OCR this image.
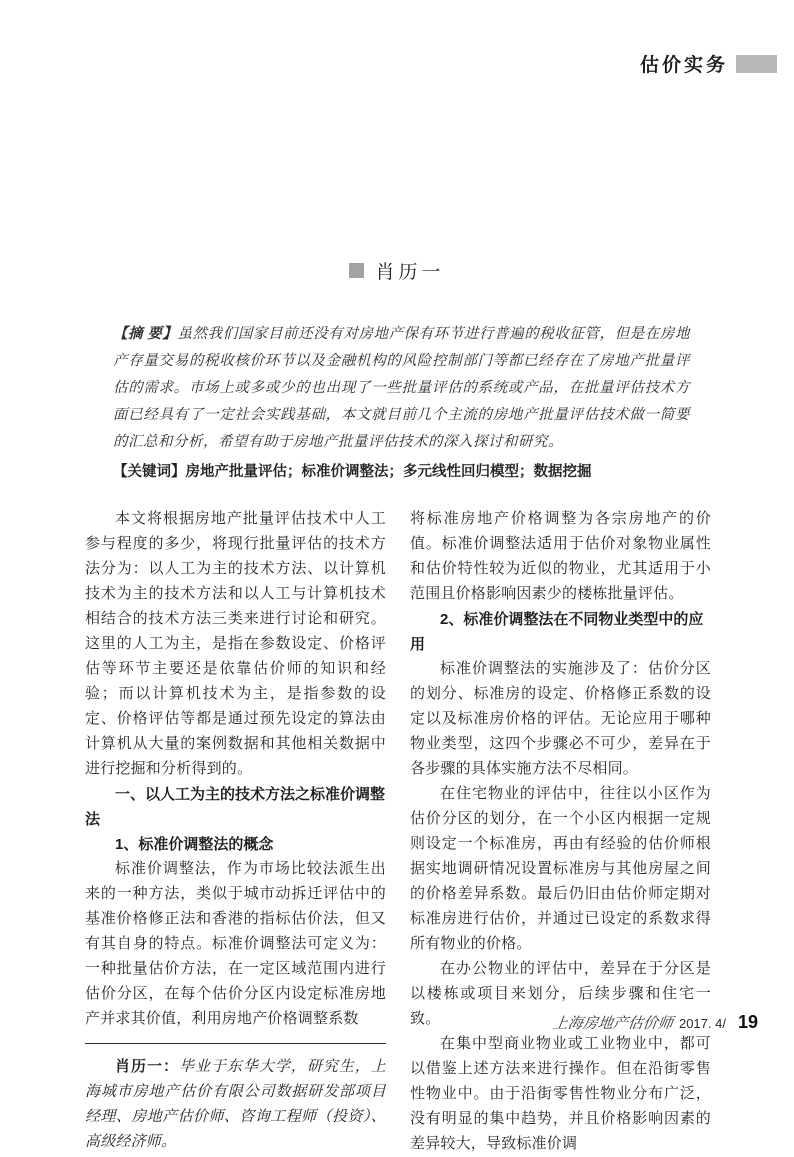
估价实务
肖历一
【摘 要】虽然我们国家目前还没有对房地产保有环节进行普遍的税收征管，但是在房地产存量交易的税收核价环节以及金融机构的风险控制部门等都已经存在了房地产批量评估的需求。市场上或多或少的也出现了一些批量评估的系统或产品，在批量评估技术方面已经具有了一定社会实践基础，本文就目前几个主流的房地产批量评估技术做一简要的汇总和分析，希望有助于房地产批量评估技术的深入探讨和研究。
【关键词】房地产批量评估；标准价调整法；多元线性回归模型；数据挖掘

本文将根据房地产批量评估技术中人工参与程度的多少，将现行批量评估的技术方法分为：以人工为主的技术方法、以计算机技术为主的技术方法和以人工与计算机技术相结合的技术方法三类来进行讨论和研究。这里的人工为主，是指在参数设定、价格评估等环节主要还是依靠估价师的知识和经验；而以计算机技术为主，是指参数的设定、价格评估等都是通过预先设定的算法由计算机从大量的案例数据和其他相关数据中进行挖掘和分析得到的。

一、以人工为主的技术方法之标准价调整法
1、标准价调整法的概念

标准价调整法，作为市场比较法派生出来的一种方法，类似于城市动拆迁评估中的基准价格修正法和香港的指标估价法，但又有其自身的特点。标准价调整法可定义为：一种批量估价方法，在一定区域范围内进行估价分区，在每个估价分区内设定标准房地产并求其价值，利用房地产价格调整系数

肖历一：毕业于东华大学，研究生，上海城市房地产估价有限公司数据研发部项目经理、房地产估价师、咨询工程师（投资）、高级经济师。

将标准房地产价格调整为各宗房地产的价值。标准价调整法适用于估价对象物业属性和估价特性较为近似的物业，尤其适用于小范围且价格影响因素少的楼栋批量评估。

2、标准价调整法在不同物业类型中的应用

标准价调整法的实施涉及了：估价分区的划分、标准房的设定、价格修正系数的设定以及标准房价格的评估。无论应用于哪种物业类型，这四个步骤必不可少，差异在于各步骤的具体实施方法不尽相同。

在住宅物业的评估中，往往以小区作为估价分区的划分，在一个小区内根据一定规则设定一个标准房，再由有经验的估价师根据实地调研情况设置标准房与其他房屋之间的价格差异系数。最后仍旧由估价师定期对标准房进行估价，并通过已设定的系数求得所有物业的价格。

在办公物业的评估中，差异在于分区是以楼栋或项目来划分，后续步骤和住宅一致。

在集中型商业物业或工业物业中，都可以借鉴上述方法来进行操作。但在沿街零售性物业中。由于沿街零售性物业分布广泛，没有明显的集中趋势，并且价格影响因素的差异较大，导致标准价调

上海房地产估价师 2017. 4/ 19
